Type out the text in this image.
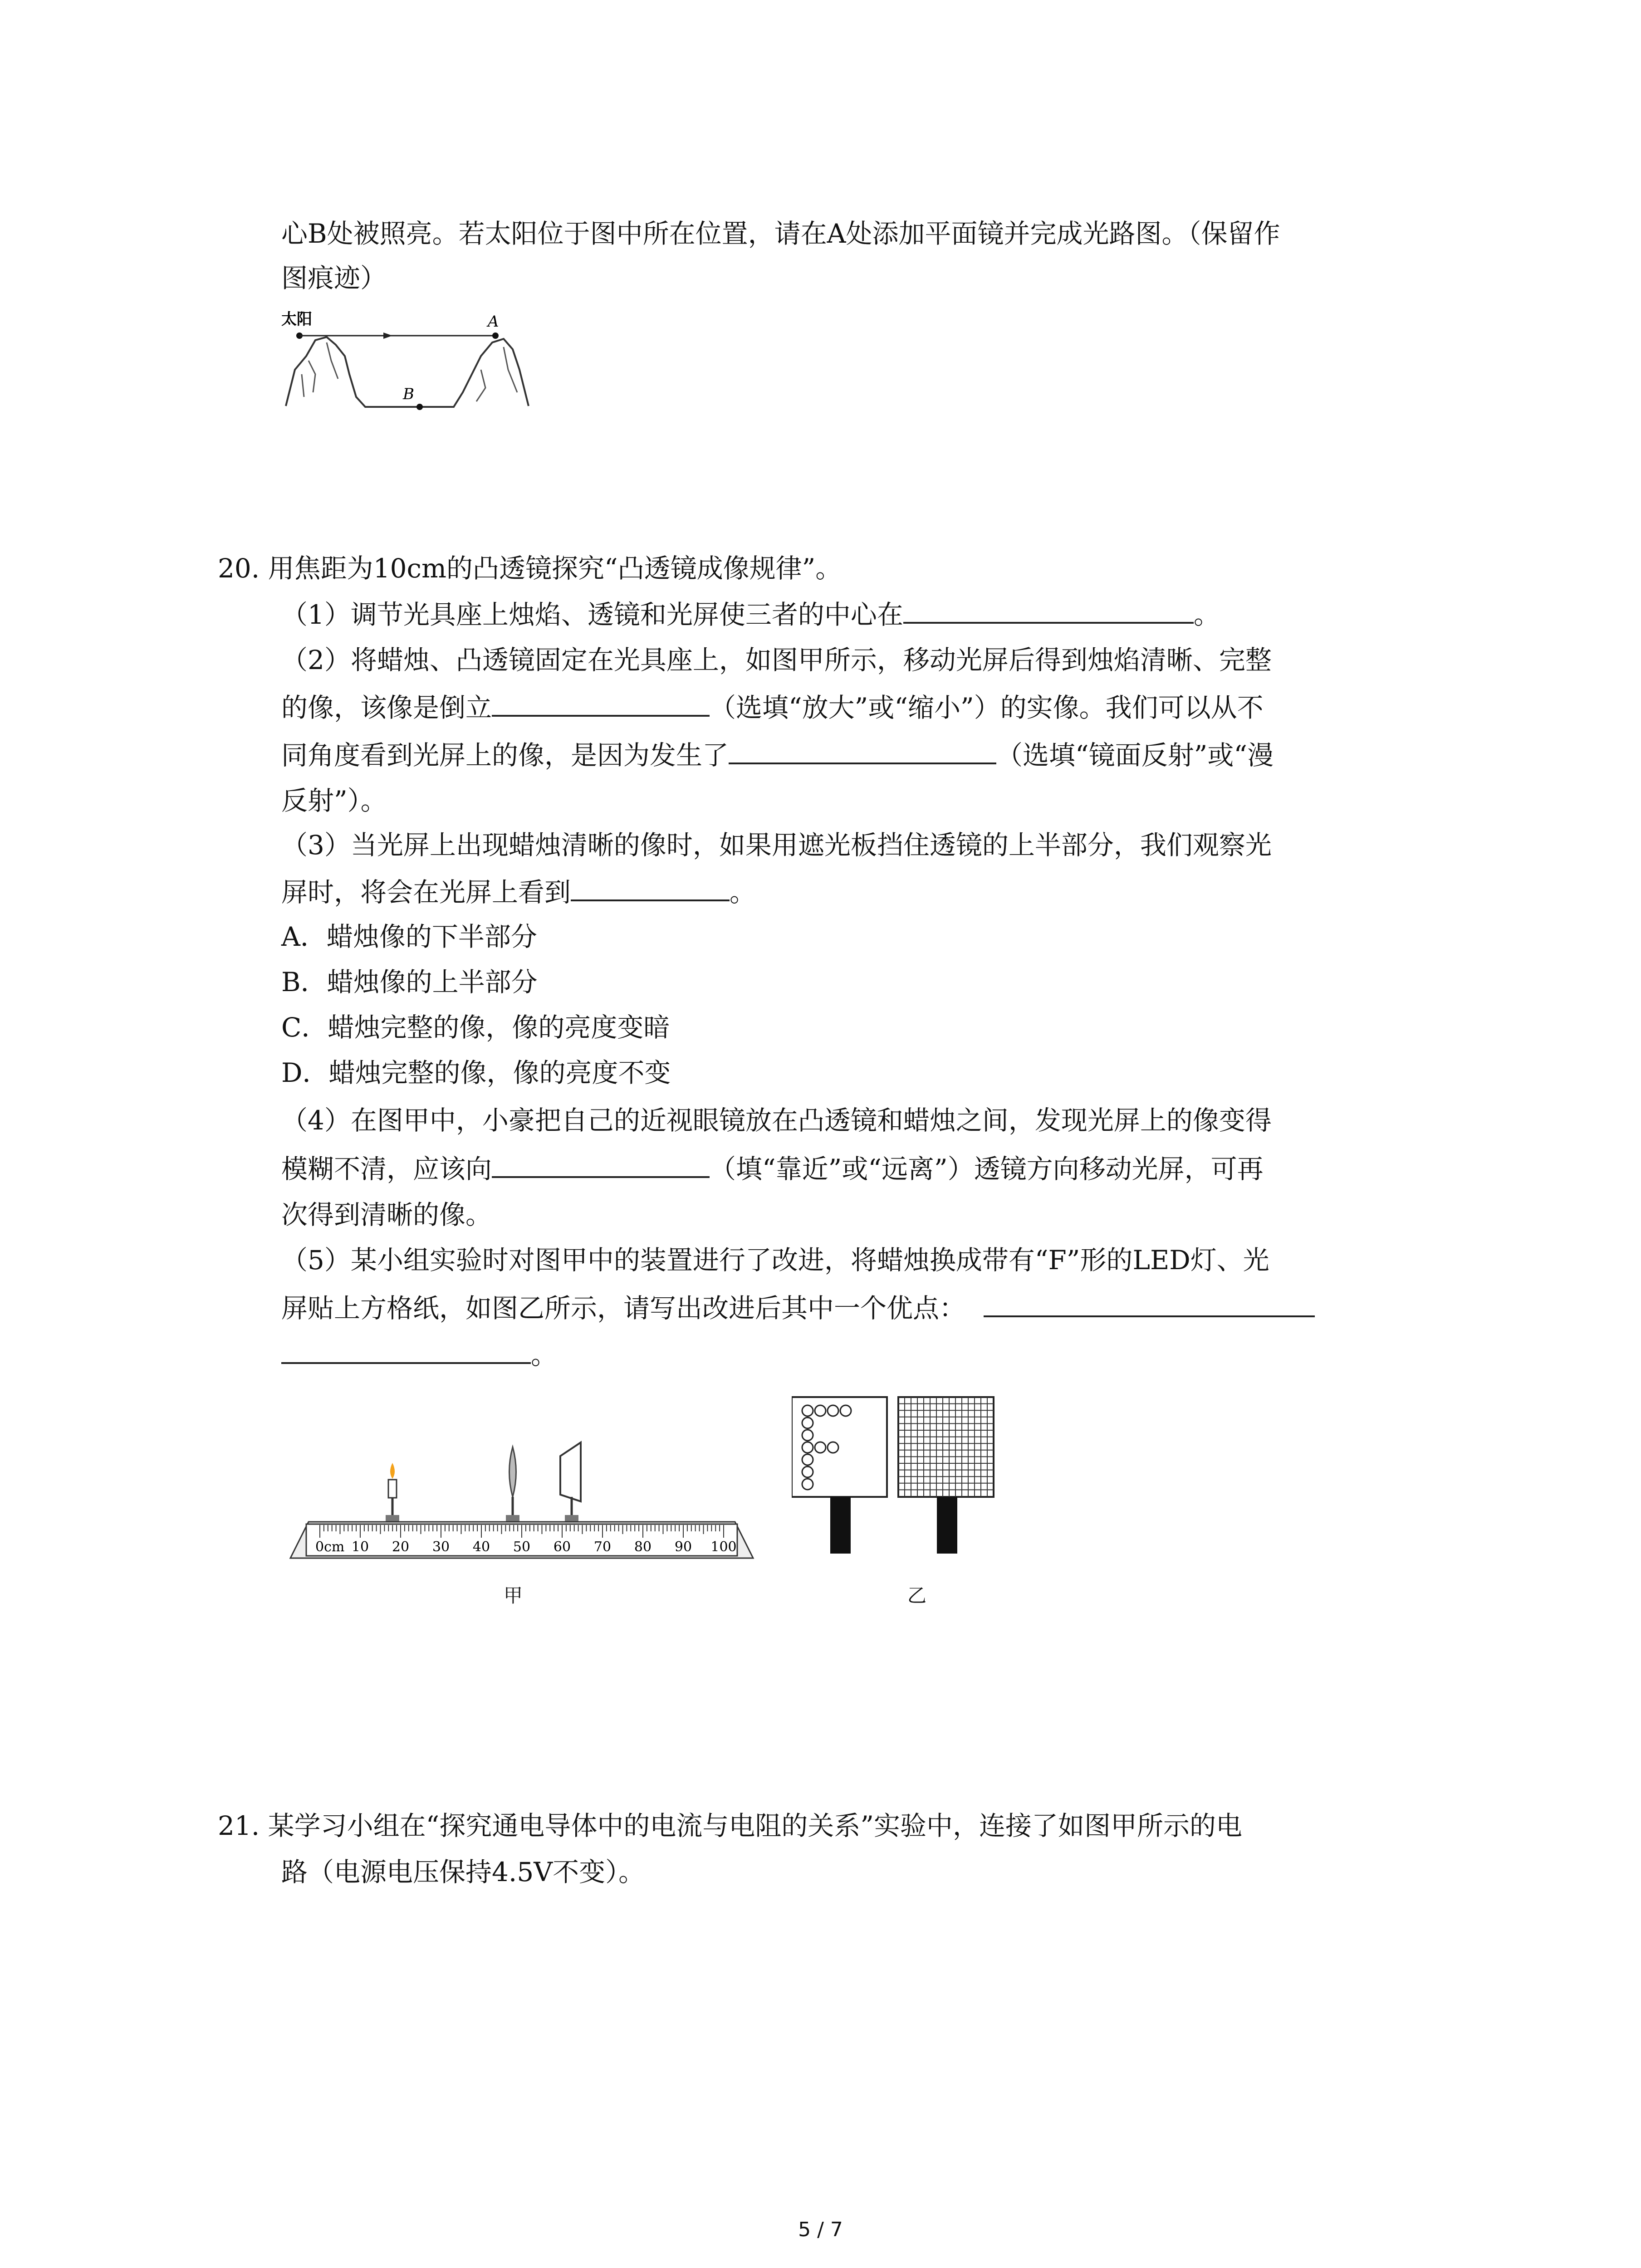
心B处被照亮。若太阳位于图中所在位置，请在A处添加平面镜并完成光路图。（保留作
图痕迹）
太阳	A
B
20. 用焦距为10cm的凸透镜探究“凸透镜成像规律”。
（1）调节光具座上烛焰、透镜和光屏使三者的中心在	。
（2）将蜡烛、凸透镜固定在光具座上，如图甲所示，移动光屏后得到烛焰清晰、完整
的像，该像是倒立	（选填“放大”或“缩小”）的实像。我们可以从不
同角度看到光屏上的像，是因为发生了	（选填“镜面反射”或“漫
反射”）。
（3）当光屏上出现蜡烛清晰的像时，如果用遮光板挡住透镜的上半部分，我们观察光
屏时，将会在光屏上看到	。
A．蜡烛像的下半部分
B．蜡烛像的上半部分
C．蜡烛完整的像，像的亮度变暗
D．蜡烛完整的像，像的亮度不变
（4）在图甲中，小豪把自己的近视眼镜放在凸透镜和蜡烛之间，发现光屏上的像变得
模糊不清，应该向	（填“靠近”或“远离”）透镜方向移动光屏，可再
次得到清晰的像。
（5）某小组实验时对图甲中的装置进行了改进，将蜡烛换成带有“F”形的LED灯、光
屏贴上方格纸，如图乙所示，请写出改进后其中一个优点：
。
0cm 10 20 30 40 50 60 70 80 90 100
甲	乙
21. 某学习小组在“探究通电导体中的电流与电阻的关系”实验中，连接了如图甲所示的电
路（电源电压保持4.5V不变）。
5 / 7
